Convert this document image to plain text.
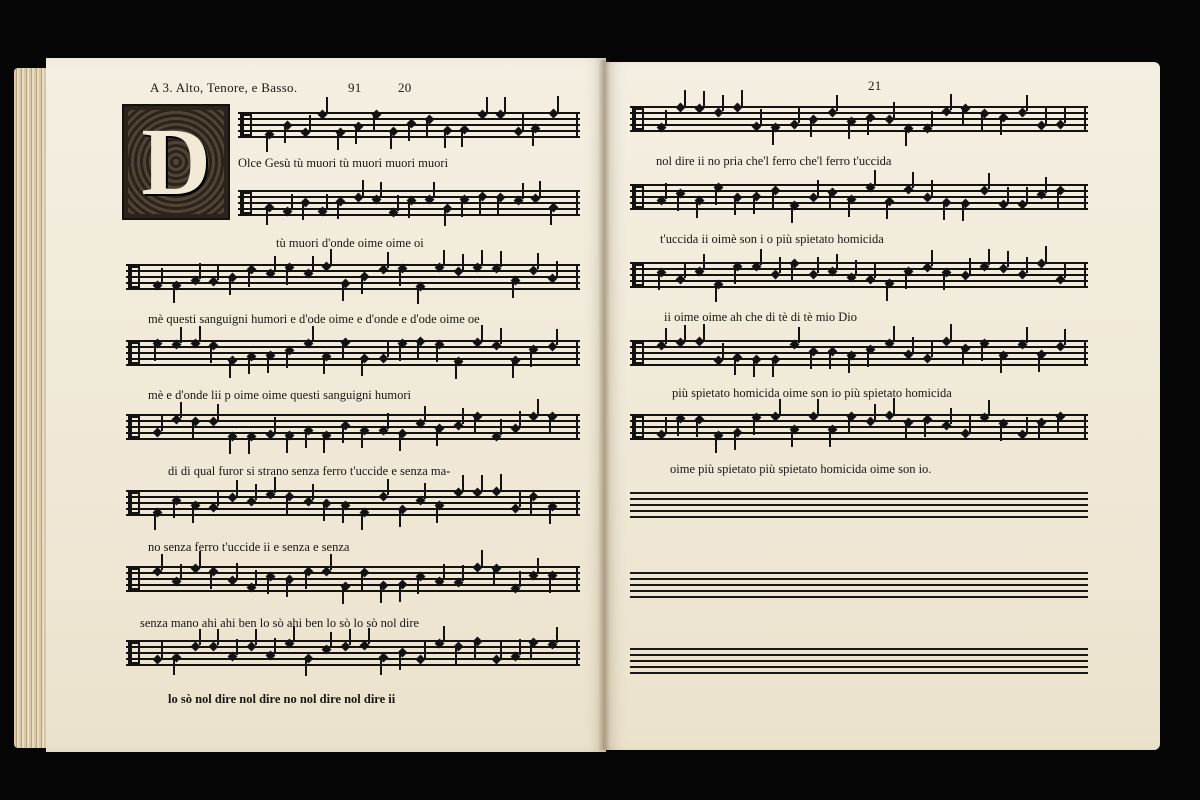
A 3. Alto, Tenore, e Basso.	91	20
D Olce Gesù tù muori tù muori muori muori
tù muori d'onde oime oime oi
mè questi sanguigni humori e d'ode oime e d'onde e d'ode oime oe
mè e d'onde lii p oime oime questi sanguigni humori
di di qual furor si strano senza ferro t'uccide e senza ma-
no senza ferro t'uccide ii e senza e senza
senza mano ahi ahi ben lo sò ahi ben lo sò lo sò nol dire
lo sò nol dire nol dire no nol dire nol dire ii
21
nol dire ii no pria che'l ferro che'l ferro t'uccida
t'uccida ii oimè son i o più spietato homicida
ii oime oime ah che di tè di tè mio Dio
più spietato homicida oime son io più spietato homicida
oime più spietato più spietato homicida oime son io.
